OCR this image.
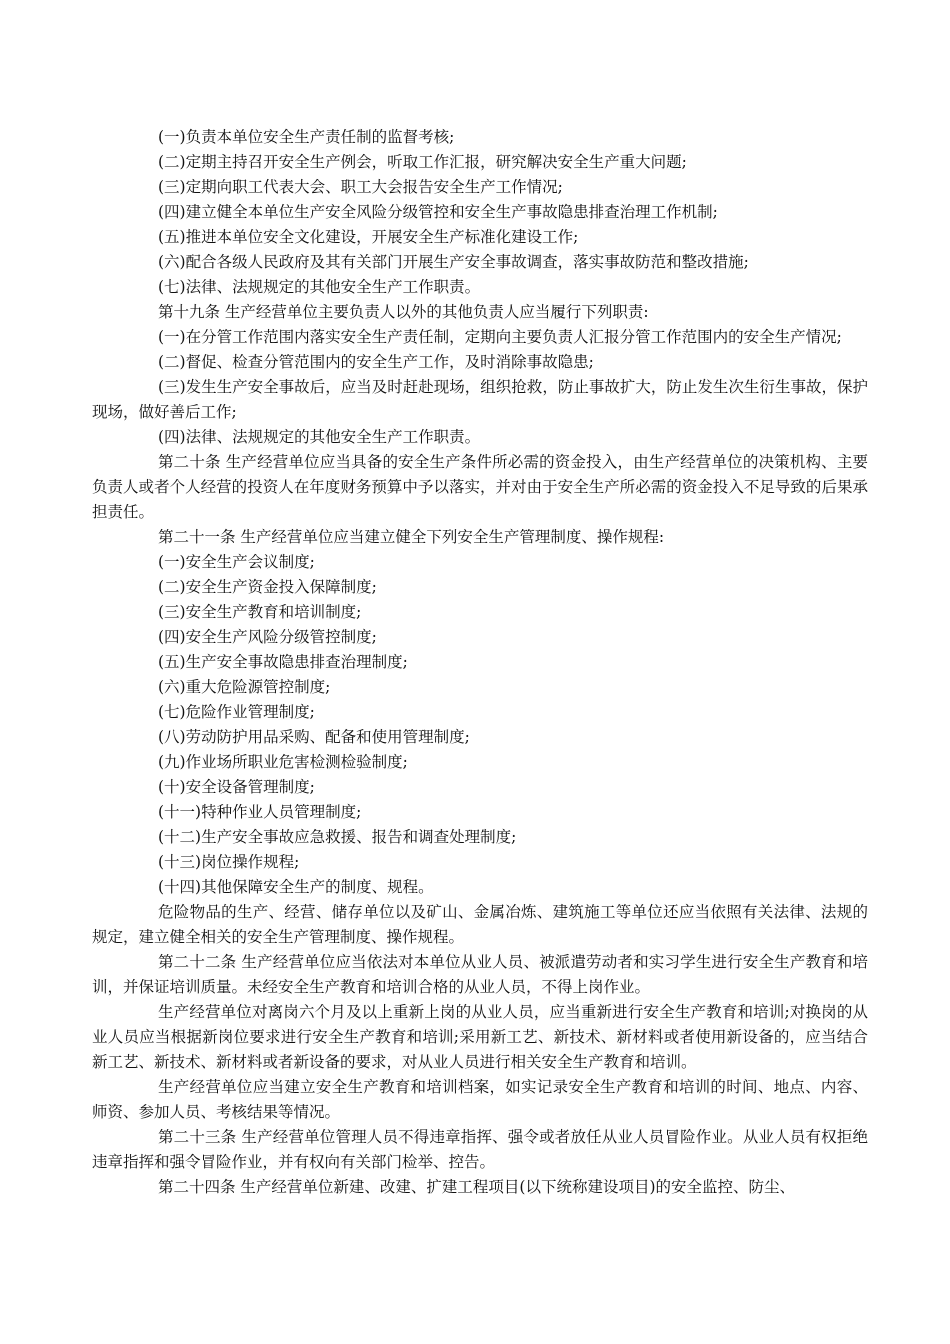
(一)负责本单位安全生产责任制的监督考核;

(二)定期主持召开安全生产例会，听取工作汇报，研究解决安全生产重大问题;

(三)定期向职工代表大会、职工大会报告安全生产工作情况;

(四)建立健全本单位生产安全风险分级管控和安全生产事故隐患排查治理工作机制;

(五)推进本单位安全文化建设，开展安全生产标准化建设工作;

(六)配合各级人民政府及其有关部门开展生产安全事故调查，落实事故防范和整改措施;

(七)法律、法规规定的其他安全生产工作职责。

第十九条 生产经营单位主要负责人以外的其他负责人应当履行下列职责:

(一)在分管工作范围内落实安全生产责任制，定期向主要负责人汇报分管工作范围内的安全生产情况;

(二)督促、检查分管范围内的安全生产工作，及时消除事故隐患;

(三)发生生产安全事故后，应当及时赶赴现场，组织抢救，防止事故扩大，防止发生次生衍生事故，保护现场，做好善后工作;

(四)法律、法规规定的其他安全生产工作职责。

第二十条 生产经营单位应当具备的安全生产条件所必需的资金投入，由生产经营单位的决策机构、主要负责人或者个人经营的投资人在年度财务预算中予以落实，并对由于安全生产所必需的资金投入不足导致的后果承担责任。

第二十一条 生产经营单位应当建立健全下列安全生产管理制度、操作规程:

(一)安全生产会议制度;

(二)安全生产资金投入保障制度;

(三)安全生产教育和培训制度;

(四)安全生产风险分级管控制度;

(五)生产安全事故隐患排查治理制度;

(六)重大危险源管控制度;

(七)危险作业管理制度;

(八)劳动防护用品采购、配备和使用管理制度;

(九)作业场所职业危害检测检验制度;

(十)安全设备管理制度;

(十一)特种作业人员管理制度;

(十二)生产安全事故应急救援、报告和调查处理制度;

(十三)岗位操作规程;

(十四)其他保障安全生产的制度、规程。

危险物品的生产、经营、储存单位以及矿山、金属冶炼、建筑施工等单位还应当依照有关法律、法规的规定，建立健全相关的安全生产管理制度、操作规程。

第二十二条 生产经营单位应当依法对本单位从业人员、被派遣劳动者和实习学生进行安全生产教育和培训，并保证培训质量。未经安全生产教育和培训合格的从业人员，不得上岗作业。

生产经营单位对离岗六个月及以上重新上岗的从业人员，应当重新进行安全生产教育和培训;对换岗的从业人员应当根据新岗位要求进行安全生产教育和培训;采用新工艺、新技术、新材料或者使用新设备的，应当结合新工艺、新技术、新材料或者新设备的要求，对从业人员进行相关安全生产教育和培训。

生产经营单位应当建立安全生产教育和培训档案，如实记录安全生产教育和培训的时间、地点、内容、师资、参加人员、考核结果等情况。

第二十三条 生产经营单位管理人员不得违章指挥、强令或者放任从业人员冒险作业。从业人员有权拒绝违章指挥和强令冒险作业，并有权向有关部门检举、控告。

第二十四条 生产经营单位新建、改建、扩建工程项目(以下统称建设项目)的安全监控、防尘、
